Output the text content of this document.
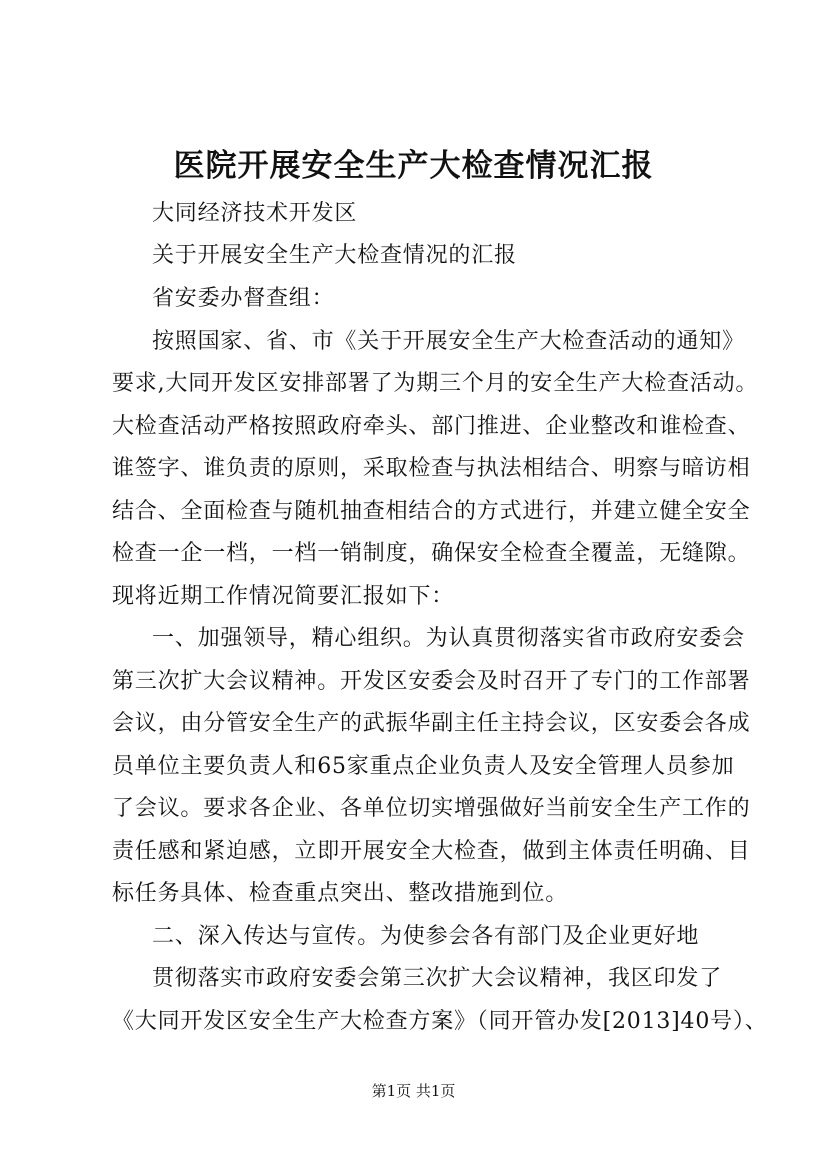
医院开展安全生产大检查情况汇报
大同经济技术开发区
关于开展安全生产大检查情况的汇报
省安委办督查组：
按照国家、省、市《关于开展安全生产大检查活动的通知》
要求,大同开发区安排部署了为期三个月的安全生产大检查活动。
大检查活动严格按照政府牵头、部门推进、企业整改和谁检查、
谁签字、谁负责的原则，采取检查与执法相结合、明察与暗访相
结合、全面检查与随机抽查相结合的方式进行，并建立健全安全
检查一企一档，一档一销制度，确保安全检查全覆盖，无缝隙。
现将近期工作情况简要汇报如下：
一、加强领导，精心组织。为认真贯彻落实省市政府安委会
第三次扩大会议精神。开发区安委会及时召开了专门的工作部署
会议，由分管安全生产的武振华副主任主持会议，区安委会各成
员单位主要负责人和65家重点企业负责人及安全管理人员参加
了会议。要求各企业、各单位切实增强做好当前安全生产工作的
责任感和紧迫感，立即开展安全大检查，做到主体责任明确、目
标任务具体、检查重点突出、整改措施到位。
二、深入传达与宣传。为使参会各有部门及企业更好地
贯彻落实市政府安委会第三次扩大会议精神，我区印发了
《大同开发区安全生产大检查方案》（同开管办发[2013]40号）、
第1页 共1页
